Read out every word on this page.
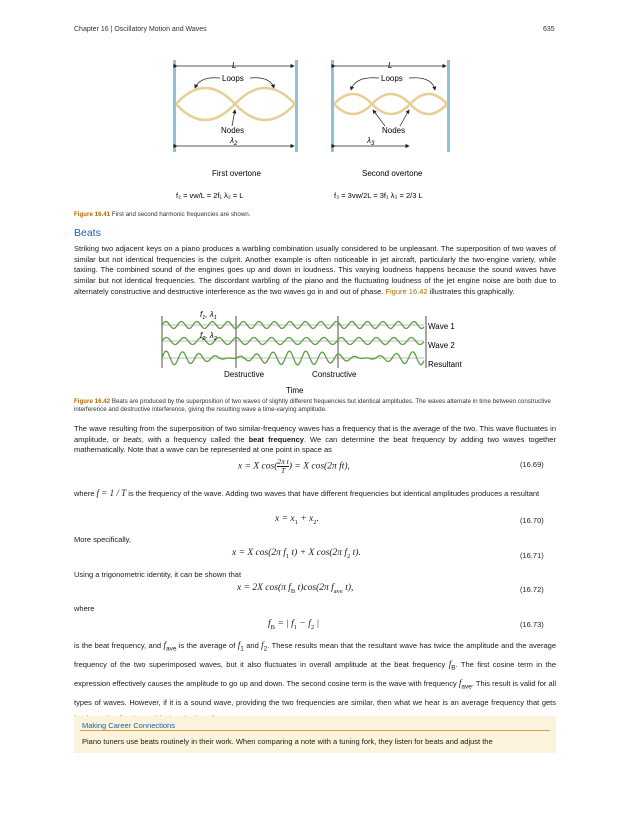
Chapter 16 | Oscillatory Motion and Waves	635
L
Loops
Nodes
$\lambda_2$
First overtone
f₂ = vw/L = 2f₁ λ₂ = L
L
Loops
Nodes
$\lambda_3$
Second overtone
f₃ = 3vw/2L = 3f₁ λ₃ = 2/3 L
Figure 16.41 First and second harmonic frequencies are shown.
Beats
Striking two adjacent keys on a piano produces a warbling combination usually considered to be unpleasant. The superposition of two waves of similar but not identical frequencies is the culprit. Another example is often noticeable in jet aircraft, particularly the two-engine variety, while taxiing. The combined sound of the engines goes up and down in loudness. This varying loudness happens because the sound waves have similar but not identical frequencies. The discordant warbling of the piano and the fluctuating loudness of the jet engine noise are both due to alternately constructive and destructive interference as the two waves go in and out of phase. Figure 16.42 illustrates this graphically.
$f_1$, $\lambda_1$
$f_2$, $\lambda_2$
Wave 1
Wave 2
Resultant
Destructive	Constructive
Time
Figure 16.42 Beats are produced by the superposition of two waves of slightly different frequencies but identical amplitudes. The waves alternate in time between constructive interference and destructive interference, giving the resulting wave a time-varying amplitude.
The wave resulting from the superposition of two similar-frequency waves has a frequency that is the average of the two. This wave fluctuates in amplitude, or beats, with a frequency called the beat frequency. We can determine the beat frequency by adding two waves together mathematically. Note that a wave can be represented at one point in space as
x = X $\cos( \frac{\text{2π t}}{T}$ ) = X cos(2π ft),	(16.69)
where f = 1 / T is the frequency of the wave. Adding two waves that have different frequencies but identical amplitudes produces a resultant
$x = x_1 + x_2$.	(16.70)
More specifically,
x = X cos(2π $f_1$ t) + X cos(2π $f_2$ t).	(16.71)
Using a trigonometric identity, it can be shown that
x = 2X cos(π $f_B$ t)cos(2π $f_{ave}$ t),	(16.72)
where
$f_B$ = | $f_1 - f_2$ |	(16.73)
is the beat frequency, and $f_{ave}$ is the average of $f_1$ and $f_2$. These results mean that the resultant wave has twice the amplitude and the average frequency of the two superimposed waves, but it also fluctuates in overall amplitude at the beat frequency $f_B$. The first cosine term in the expression effectively causes the amplitude to go up and down. The second cosine term is the wave with frequency $f_{ave}$. This result is valid for all types of waves. However, if it is a sound wave, providing the two frequencies are similar, then what we hear is an average frequency that gets
Making Career Connections
Piano tuners use beats routinely in their work. When comparing a note with a tuning fork, they listen for beats and adjust the
